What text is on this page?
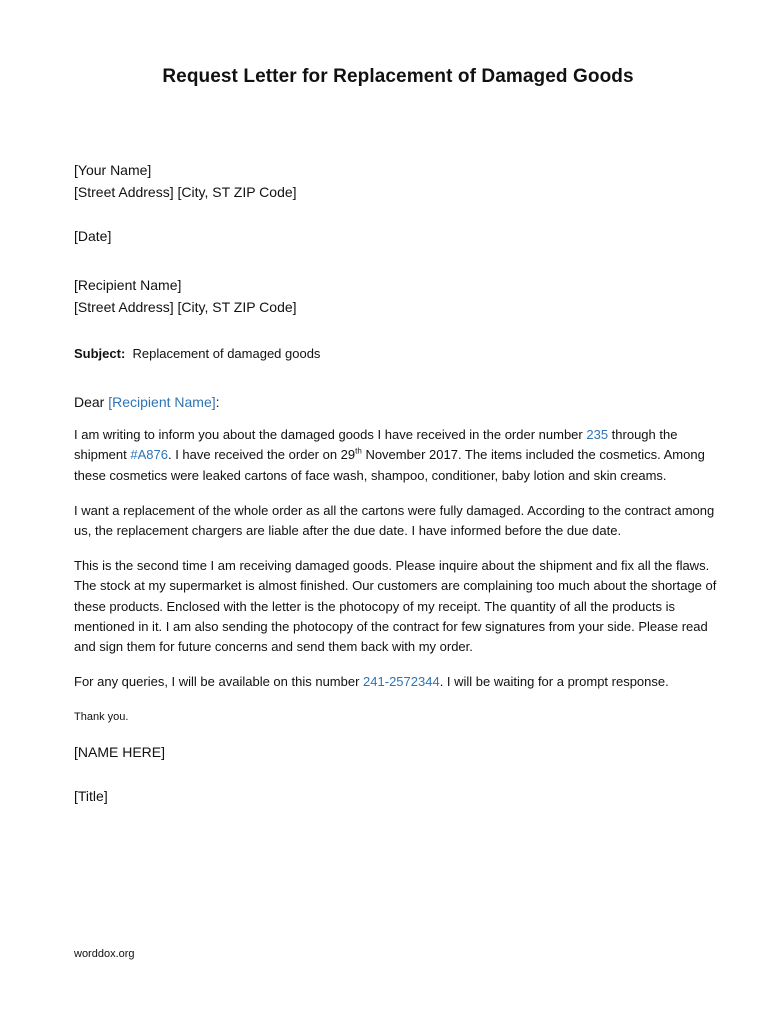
Request Letter for Replacement of Damaged Goods

[Your Name]

[Street Address] [City, ST ZIP Code]

[Date]

[Recipient Name]

[Street Address] [City, ST ZIP Code]

Subject: Replacement of damaged goods

Dear [Recipient Name]:

I am writing to inform you about the damaged goods I have received in the order number 235 through the shipment #A876. I have received the order on 29th November 2017. The items included the cosmetics. Among these cosmetics were leaked cartons of face wash, shampoo, conditioner, baby lotion and skin creams.

I want a replacement of the whole order as all the cartons were fully damaged. According to the contract among us, the replacement chargers are liable after the due date. I have informed before the due date.

This is the second time I am receiving damaged goods. Please inquire about the shipment and fix all the flaws. The stock at my supermarket is almost finished. Our customers are complaining too much about the shortage of these products. Enclosed with the letter is the photocopy of my receipt. The quantity of all the products is mentioned in it. I am also sending the photocopy of the contract for few signatures from your side. Please read and sign them for future concerns and send them back with my order.

For any queries, I will be available on this number 241-2572344. I will be waiting for a prompt response.

Thank you.

[NAME HERE]

[Title]

worddox.org
